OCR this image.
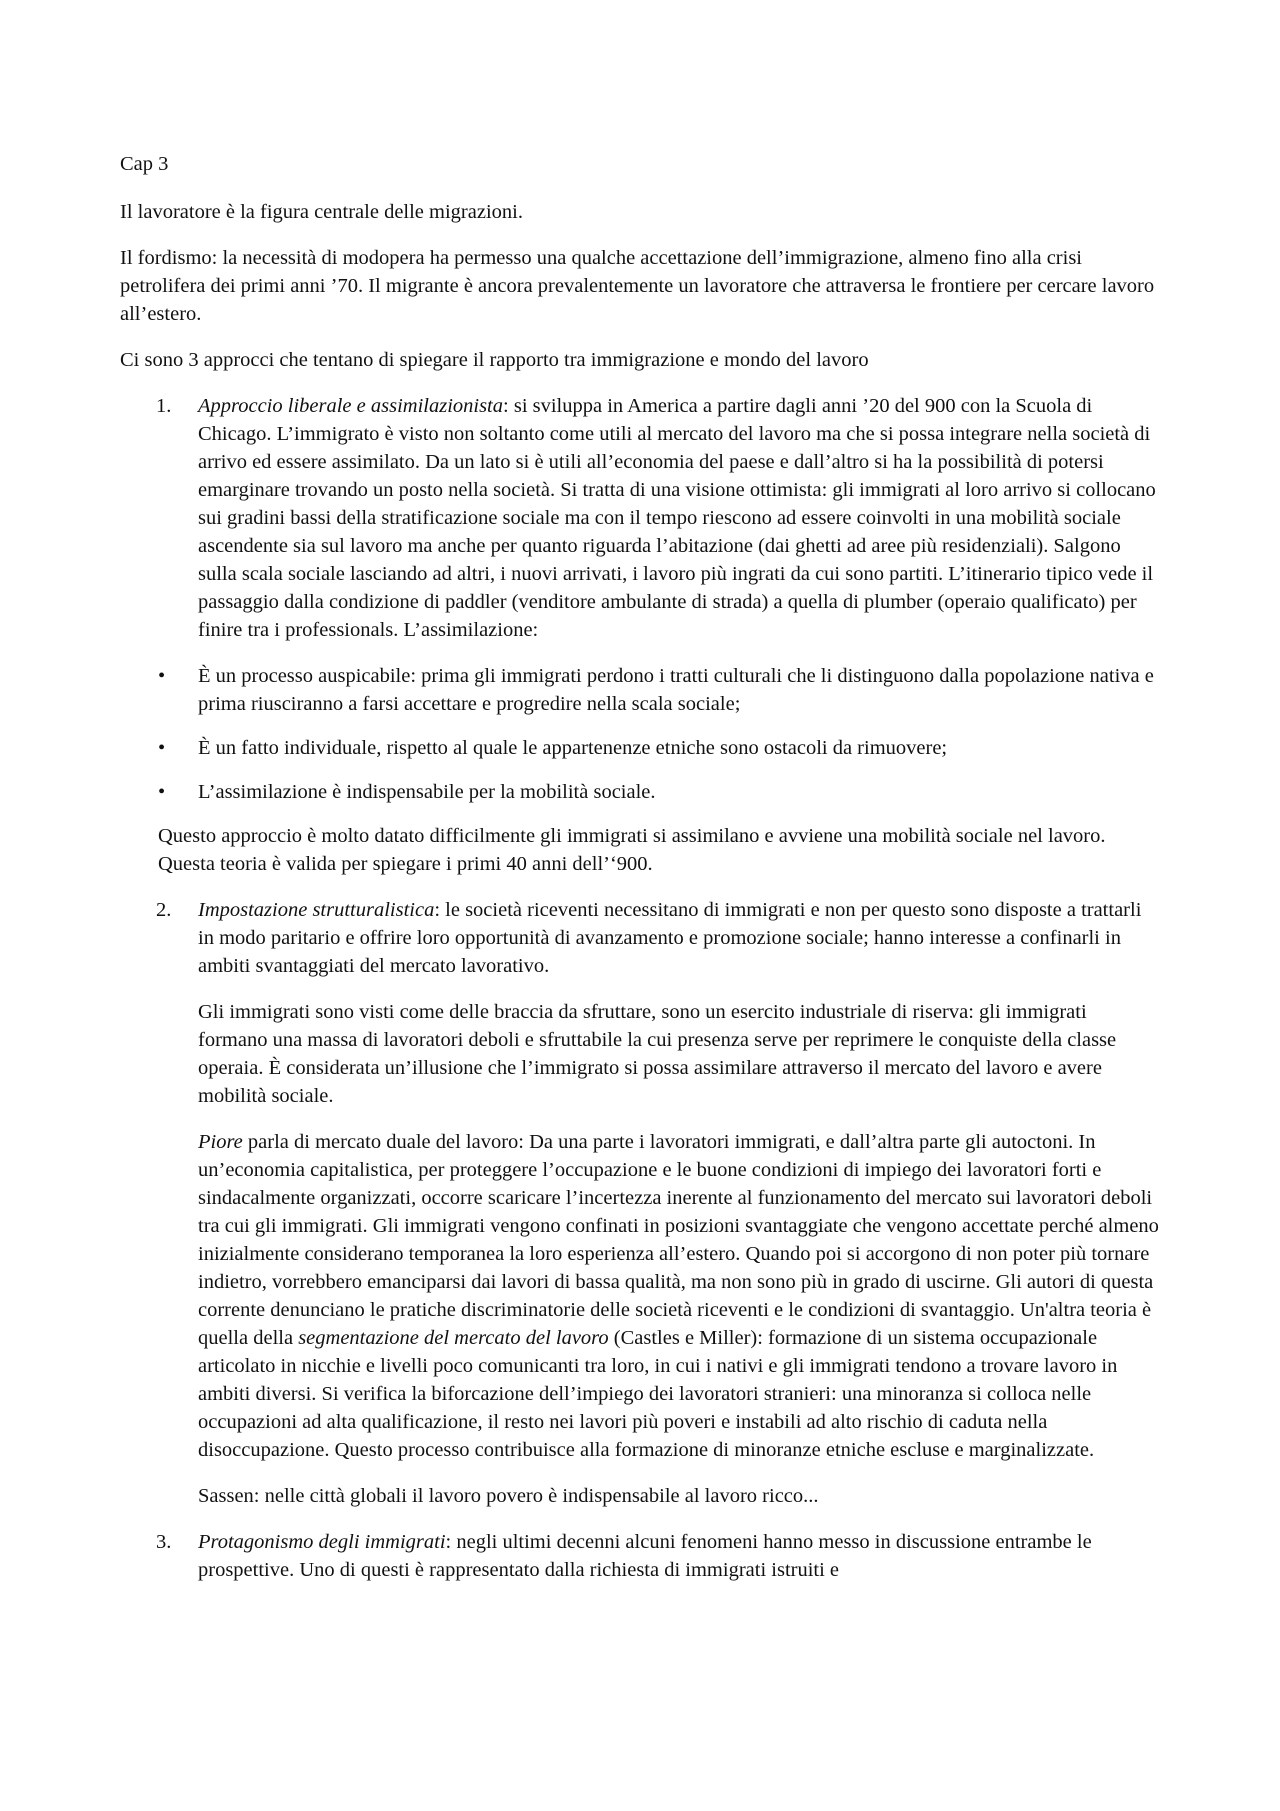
Cap 3

Il lavoratore è la figura centrale delle migrazioni.

Il fordismo: la necessità di modopera ha permesso una qualche accettazione dell’immigrazione, almeno fino alla crisi petrolifera dei primi anni ’70. Il migrante è ancora prevalentemente un lavoratore che attraversa le frontiere per cercare lavoro all’estero.

Ci sono 3 approcci che tentano di spiegare il rapporto tra immigrazione e mondo del lavoro

1. Approccio liberale e assimilazionista: si sviluppa in America a partire dagli anni ’20 del 900 con la Scuola di Chicago. L’immigrato è visto non soltanto come utili al mercato del lavoro ma che si possa integrare nella società di arrivo ed essere assimilato. Da un lato si è utili all’economia del paese e dall’altro si ha la possibilità di potersi emarginare trovando un posto nella società. Si tratta di una visione ottimista: gli immigrati al loro arrivo si collocano sui gradini bassi della stratificazione sociale ma con il tempo riescono ad essere coinvolti in una mobilità sociale ascendente sia sul lavoro ma anche per quanto riguarda l’abitazione (dai ghetti ad aree più residenziali). Salgono sulla scala sociale lasciando ad altri, i nuovi arrivati, i lavoro più ingrati da cui sono partiti. L’itinerario tipico vede il passaggio dalla condizione di paddler (venditore ambulante di strada) a quella di plumber (operaio qualificato) per finire tra i professionals. L’assimilazione:

• È un processo auspicabile: prima gli immigrati perdono i tratti culturali che li distinguono dalla popolazione nativa e prima riusciranno a farsi accettare e progredire nella scala sociale;
• È un fatto individuale, rispetto al quale le appartenenze etniche sono ostacoli da rimuovere;
• L’assimilazione è indispensabile per la mobilità sociale.

Questo approccio è molto datato difficilmente gli immigrati si assimilano e avviene una mobilità sociale nel lavoro. Questa teoria è valida per spiegare i primi 40 anni dell’‘900.

2. Impostazione strutturalistica: le società riceventi necessitano di immigrati e non per questo sono disposte a trattarli in modo paritario e offrire loro opportunità di avanzamento e promozione sociale; hanno interesse a confinarli in ambiti svantaggiati del mercato lavorativo.

Gli immigrati sono visti come delle braccia da sfruttare, sono un esercito industriale di riserva: gli immigrati formano una massa di lavoratori deboli e sfruttabile la cui presenza serve per reprimere le conquiste della classe operaia. È considerata un’illusione che l’immigrato si possa assimilare attraverso il mercato del lavoro e avere mobilità sociale.

Piore parla di mercato duale del lavoro: Da una parte i lavoratori immigrati, e dall’altra parte gli autoctoni. In un’economia capitalistica, per proteggere l’occupazione e le buone condizioni di impiego dei lavoratori forti e sindacalmente organizzati, occorre scaricare l’incertezza inerente al funzionamento del mercato sui lavoratori deboli tra cui gli immigrati. Gli immigrati vengono confinati in posizioni svantaggiate che vengono accettate perché almeno inizialmente considerano temporanea la loro esperienza all’estero. Quando poi si accorgono di non poter più tornare indietro, vorrebbero emanciparsi dai lavori di bassa qualità, ma non sono più in grado di uscirne. Gli autori di questa corrente denunciano le pratiche discriminatorie delle società riceventi e le condizioni di svantaggio. Un'altra teoria è quella della segmentazione del mercato del lavoro (Castles e Miller): formazione di un sistema occupazionale articolato in nicchie e livelli poco comunicanti tra loro, in cui i nativi e gli immigrati tendono a trovare lavoro in ambiti diversi. Si verifica la biforcazione dell’impiego dei lavoratori stranieri: una minoranza si colloca nelle occupazioni ad alta qualificazione, il resto nei lavori più poveri e instabili ad alto rischio di caduta nella disoccupazione. Questo processo contribuisce alla formazione di minoranze etniche escluse e marginalizzate.

Sassen: nelle città globali il lavoro povero è indispensabile al lavoro ricco...

3. Protagonismo degli immigrati: negli ultimi decenni alcuni fenomeni hanno messo in discussione entrambe le prospettive. Uno di questi è rappresentato dalla richiesta di immigrati istruiti e
